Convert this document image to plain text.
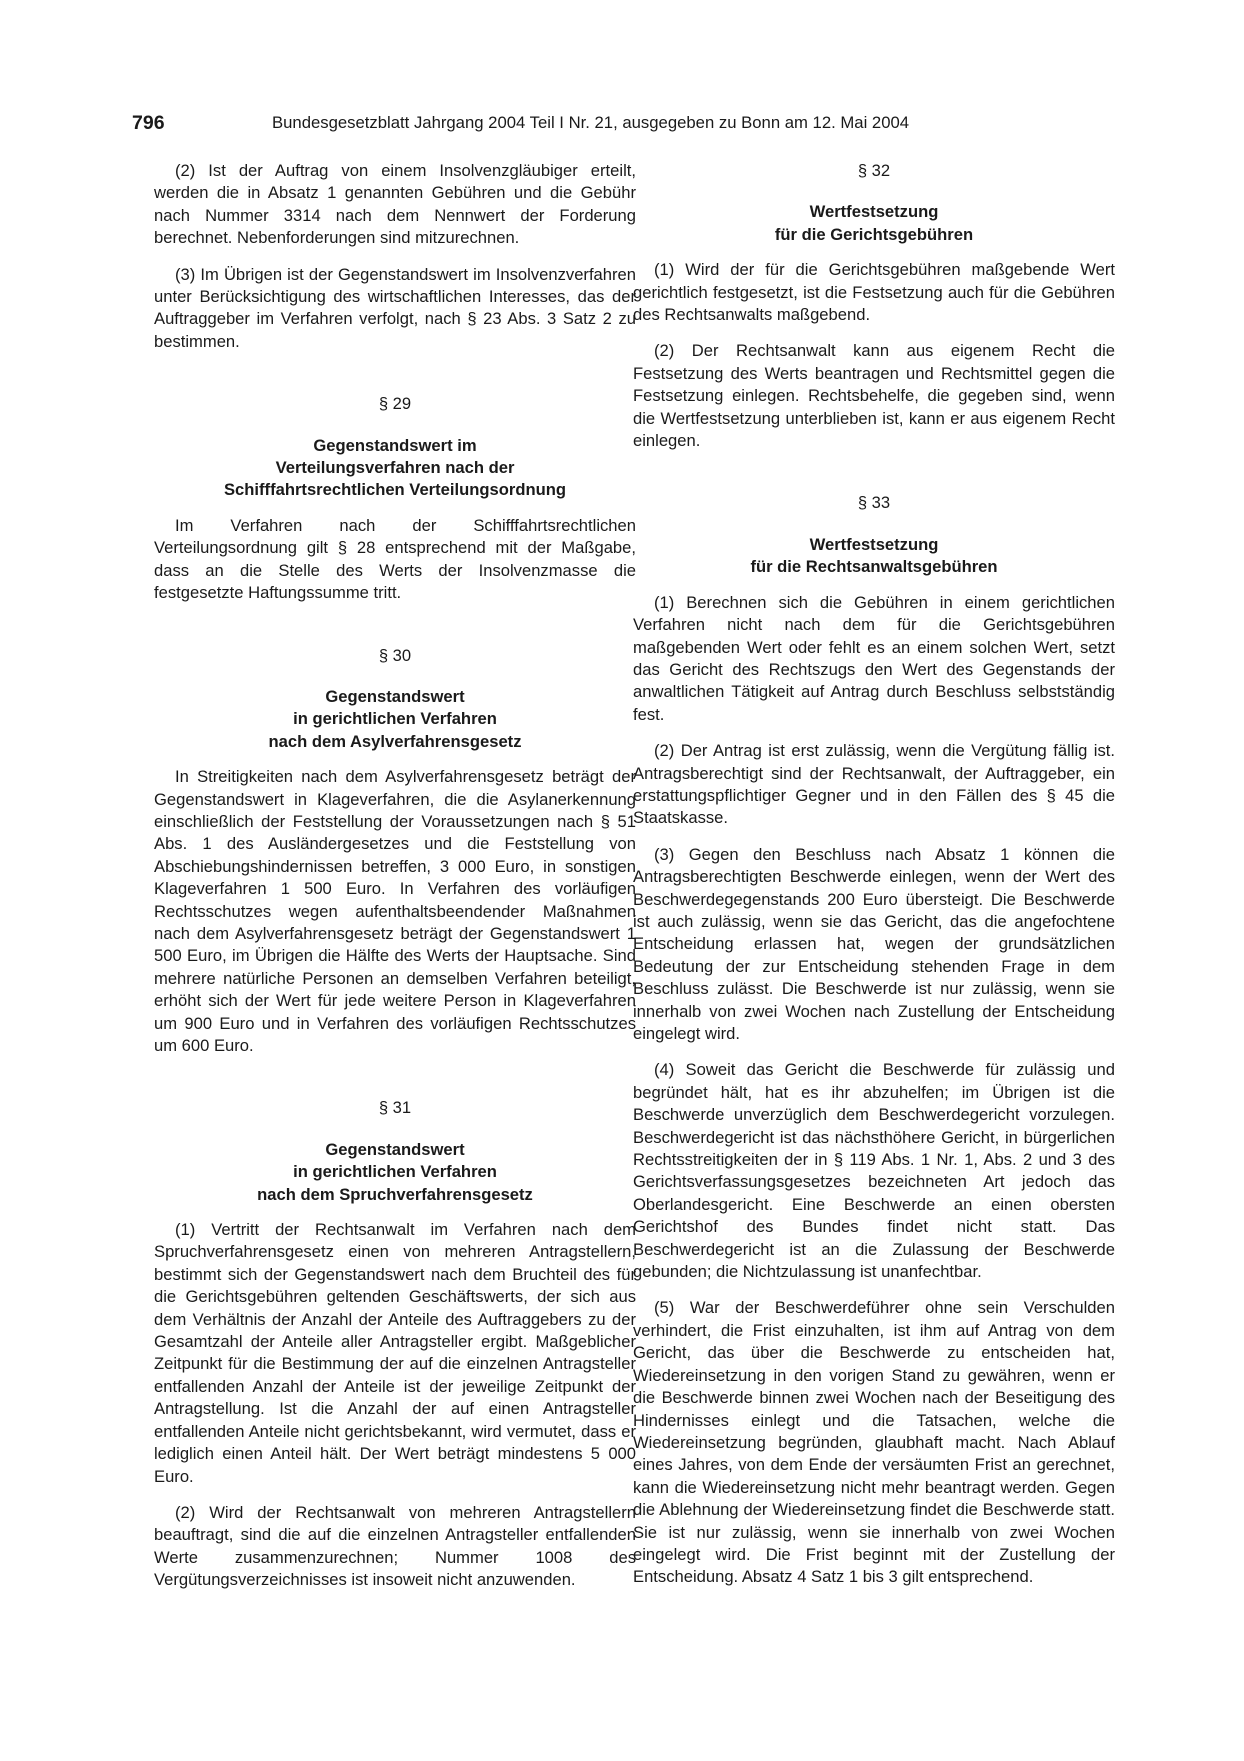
796	Bundesgesetzblatt Jahrgang 2004 Teil I Nr. 21, ausgegeben zu Bonn am 12. Mai 2004

(2) Ist der Auftrag von einem Insolvenzgläubiger erteilt, werden die in Absatz 1 genannten Gebühren und die Gebühr nach Nummer 3314 nach dem Nennwert der Forderung berechnet. Nebenforderungen sind mitzurechnen.

(3) Im Übrigen ist der Gegenstandswert im Insolvenzverfahren unter Berücksichtigung des wirtschaftlichen Interesses, das der Auftraggeber im Verfahren verfolgt, nach § 23 Abs. 3 Satz 2 zu bestimmen.

§ 29
Gegenstandswert im
Verteilungsverfahren nach der
Schifffahrtsrechtlichen Verteilungsordnung

Im Verfahren nach der Schifffahrtsrechtlichen Verteilungsordnung gilt § 28 entsprechend mit der Maßgabe, dass an die Stelle des Werts der Insolvenzmasse die festgesetzte Haftungssumme tritt.

§ 30
Gegenstandswert
in gerichtlichen Verfahren
nach dem Asylverfahrensgesetz

In Streitigkeiten nach dem Asylverfahrensgesetz beträgt der Gegenstandswert in Klageverfahren, die die Asylanerkennung einschließlich der Feststellung der Voraussetzungen nach § 51 Abs. 1 des Ausländergesetzes und die Feststellung von Abschiebungshindernissen betreffen, 3 000 Euro, in sonstigen Klageverfahren 1 500 Euro. In Verfahren des vorläufigen Rechtsschutzes wegen aufenthaltsbeendender Maßnahmen nach dem Asylverfahrensgesetz beträgt der Gegenstandswert 1 500 Euro, im Übrigen die Hälfte des Werts der Hauptsache. Sind mehrere natürliche Personen an demselben Verfahren beteiligt, erhöht sich der Wert für jede weitere Person in Klageverfahren um 900 Euro und in Verfahren des vorläufigen Rechtsschutzes um 600 Euro.

§ 31
Gegenstandswert
in gerichtlichen Verfahren
nach dem Spruchverfahrensgesetz

(1) Vertritt der Rechtsanwalt im Verfahren nach dem Spruchverfahrensgesetz einen von mehreren Antragstellern, bestimmt sich der Gegenstandswert nach dem Bruchteil des für die Gerichtsgebühren geltenden Geschäftswerts, der sich aus dem Verhältnis der Anzahl der Anteile des Auftraggebers zu der Gesamtzahl der Anteile aller Antragsteller ergibt. Maßgeblicher Zeitpunkt für die Bestimmung der auf die einzelnen Antragsteller entfallenden Anzahl der Anteile ist der jeweilige Zeitpunkt der Antragstellung. Ist die Anzahl der auf einen Antragsteller entfallenden Anteile nicht gerichtsbekannt, wird vermutet, dass er lediglich einen Anteil hält. Der Wert beträgt mindestens 5 000 Euro.

(2) Wird der Rechtsanwalt von mehreren Antragstellern beauftragt, sind die auf die einzelnen Antragsteller entfallenden Werte zusammenzurechnen; Nummer 1008 des Vergütungsverzeichnisses ist insoweit nicht anzuwenden.

§ 32
Wertfestsetzung
für die Gerichtsgebühren

(1) Wird der für die Gerichtsgebühren maßgebende Wert gerichtlich festgesetzt, ist die Festsetzung auch für die Gebühren des Rechtsanwalts maßgebend.

(2) Der Rechtsanwalt kann aus eigenem Recht die Festsetzung des Werts beantragen und Rechtsmittel gegen die Festsetzung einlegen. Rechtsbehelfe, die gegeben sind, wenn die Wertfestsetzung unterblieben ist, kann er aus eigenem Recht einlegen.

§ 33
Wertfestsetzung
für die Rechtsanwaltsgebühren

(1) Berechnen sich die Gebühren in einem gerichtlichen Verfahren nicht nach dem für die Gerichtsgebühren maßgebenden Wert oder fehlt es an einem solchen Wert, setzt das Gericht des Rechtszugs den Wert des Gegenstands der anwaltlichen Tätigkeit auf Antrag durch Beschluss selbstständig fest.

(2) Der Antrag ist erst zulässig, wenn die Vergütung fällig ist. Antragsberechtigt sind der Rechtsanwalt, der Auftraggeber, ein erstattungspflichtiger Gegner und in den Fällen des § 45 die Staatskasse.

(3) Gegen den Beschluss nach Absatz 1 können die Antragsberechtigten Beschwerde einlegen, wenn der Wert des Beschwerdegegenstands 200 Euro übersteigt. Die Beschwerde ist auch zulässig, wenn sie das Gericht, das die angefochtene Entscheidung erlassen hat, wegen der grundsätzlichen Bedeutung der zur Entscheidung stehenden Frage in dem Beschluss zulässt. Die Beschwerde ist nur zulässig, wenn sie innerhalb von zwei Wochen nach Zustellung der Entscheidung eingelegt wird.

(4) Soweit das Gericht die Beschwerde für zulässig und begründet hält, hat es ihr abzuhelfen; im Übrigen ist die Beschwerde unverzüglich dem Beschwerdegericht vorzulegen. Beschwerdegericht ist das nächsthöhere Gericht, in bürgerlichen Rechtsstreitigkeiten der in § 119 Abs. 1 Nr. 1, Abs. 2 und 3 des Gerichtsverfassungsgesetzes bezeichneten Art jedoch das Oberlandesgericht. Eine Beschwerde an einen obersten Gerichtshof des Bundes findet nicht statt. Das Beschwerdegericht ist an die Zulassung der Beschwerde gebunden; die Nichtzulassung ist unanfechtbar.

(5) War der Beschwerdeführer ohne sein Verschulden verhindert, die Frist einzuhalten, ist ihm auf Antrag von dem Gericht, das über die Beschwerde zu entscheiden hat, Wiedereinsetzung in den vorigen Stand zu gewähren, wenn er die Beschwerde binnen zwei Wochen nach der Beseitigung des Hindernisses einlegt und die Tatsachen, welche die Wiedereinsetzung begründen, glaubhaft macht. Nach Ablauf eines Jahres, von dem Ende der versäumten Frist an gerechnet, kann die Wiedereinsetzung nicht mehr beantragt werden. Gegen die Ablehnung der Wiedereinsetzung findet die Beschwerde statt. Sie ist nur zulässig, wenn sie innerhalb von zwei Wochen eingelegt wird. Die Frist beginnt mit der Zustellung der Entscheidung. Absatz 4 Satz 1 bis 3 gilt entsprechend.
